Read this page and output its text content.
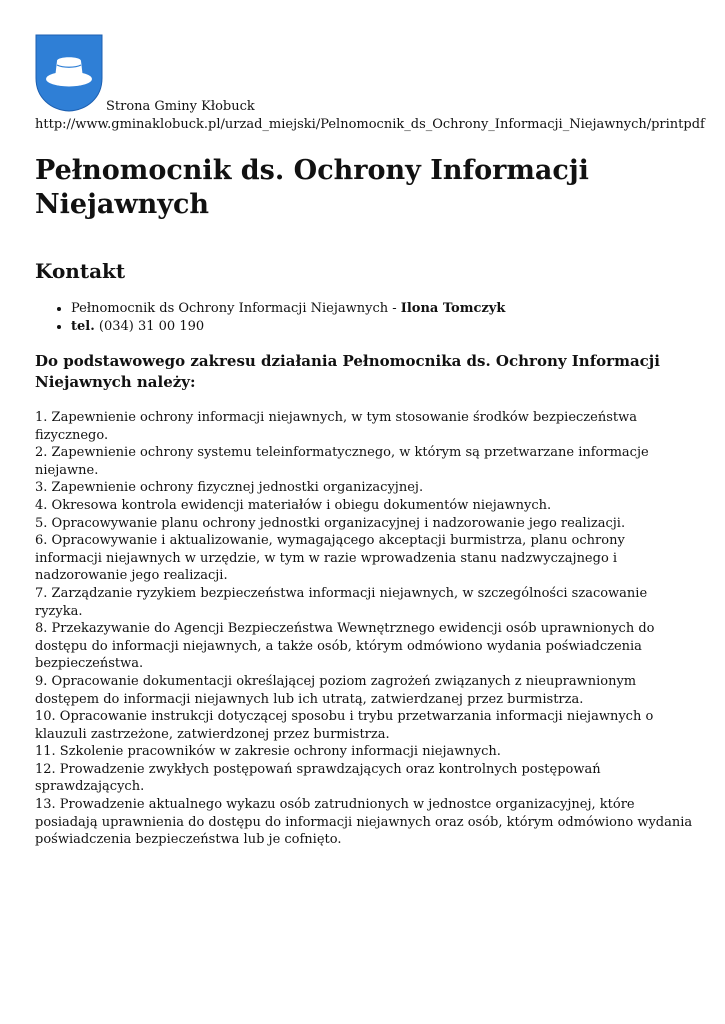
Strona Gminy Kłobuck
http://www.gminaklobuck.pl/urzad_miejski/Pelnomocnik_ds_Ochrony_Informacji_Niejawnych/printpdf
Pełnomocnik ds. Ochrony Informacji Niejawnych
Kontakt
• Pełnomocnik ds Ochrony Informacji Niejawnych - Ilona Tomczyk
• tel. (034) 31 00 190
Do podstawowego zakresu działania Pełnomocnika ds. Ochrony Informacji Niejawnych należy:

1. Zapewnienie ochrony informacji niejawnych, w tym stosowanie środków bezpieczeństwa fizycznego.

2. Zapewnienie ochrony systemu teleinformatycznego, w którym są przetwarzane informacje niejawne.

3. Zapewnienie ochrony fizycznej jednostki organizacyjnej.

4. Okresowa kontrola ewidencji materiałów i obiegu dokumentów niejawnych.

5. Opracowywanie planu ochrony jednostki organizacyjnej i nadzorowanie jego realizacji.

6. Opracowywanie i aktualizowanie, wymagającego akceptacji burmistrza, planu ochrony informacji niejawnych w urzędzie, w tym w razie wprowadzenia stanu nadzwyczajnego i nadzorowanie jego realizacji.

7. Zarządzanie ryzykiem bezpieczeństwa informacji niejawnych, w szczególności szacowanie ryzyka.

8. Przekazywanie do Agencji Bezpieczeństwa Wewnętrznego ewidencji osób uprawnionych do dostępu do informacji niejawnych, a także osób, którym odmówiono wydania poświadczenia bezpieczeństwa.

9. Opracowanie dokumentacji określającej poziom zagrożeń związanych z nieuprawnionym dostępem do informacji niejawnych lub ich utratą, zatwierdzanej przez burmistrza.

10. Opracowanie instrukcji dotyczącej sposobu i trybu przetwarzania informacji niejawnych o klauzuli zastrzeżone, zatwierdzonej przez burmistrza.

11. Szkolenie pracowników w zakresie ochrony informacji niejawnych.

12. Prowadzenie zwykłych postępowań sprawdzających oraz kontrolnych postępowań sprawdzających.

13. Prowadzenie aktualnego wykazu osób zatrudnionych w jednostce organizacyjnej, które posiadają uprawnienia do dostępu do informacji niejawnych oraz osób, którym odmówiono wydania poświadczenia bezpieczeństwa lub je cofnięto.
